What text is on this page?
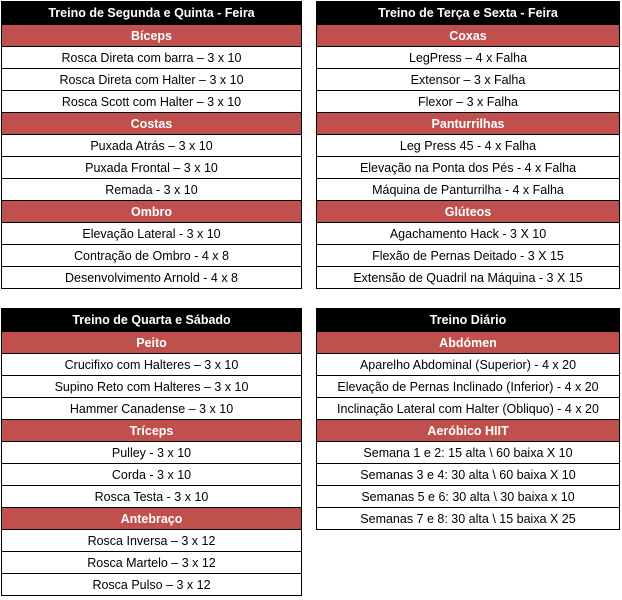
Treino de Segunda e Quinta - Feira
Bíceps
Rosca Direta com barra – 3 x 10
Rosca Direta com Halter – 3 x 10
Rosca Scott com Halter – 3 x 10
Costas
Puxada Atrás – 3 x 10
Puxada Frontal – 3 x 10
Remada - 3 x 10
Ombro
Elevação Lateral - 3 x 10
Contração de Ombro - 4 x 8
Desenvolvimento Arnold - 4 x 8
Treino de Terça e Sexta - Feira
Coxas
LegPress – 4 x Falha
Extensor – 3 x Falha
Flexor – 3 x Falha
Panturrilhas
Leg Press 45 - 4 x Falha
Elevação na Ponta dos Pés - 4 x Falha
Máquina de Panturrilha - 4 x Falha
Glúteos
Agachamento Hack - 3 X 10
Flexão de Pernas Deitado - 3 X 15
Extensão de Quadril na Máquina - 3 X 15
Treino de Quarta e Sábado
Peito
Crucifixo com Halteres – 3 x 10
Supino Reto com Halteres – 3 x 10
Hammer Canadense – 3 x 10
Tríceps
Pulley - 3 x 10
Corda - 3 x 10
Rosca Testa - 3 x 10
Antebraço
Rosca Inversa – 3 x 12
Rosca Martelo – 3 x 12
Rosca Pulso – 3 x 12
Treino Diário
Abdómen
Aparelho Abdominal (Superior) - 4 x 20
Elevação de Pernas Inclinado (Inferior) - 4 x 20
Inclinação Lateral com Halter (Obliquo) - 4 x 20
Aeróbico HIIT
Semana 1 e 2: 15 alta \ 60 baixa X 10
Semanas 3 e 4: 30 alta \ 60 baixa X 10
Semanas 5 e 6: 30 alta \ 30 baixa x 10
Semanas 7 e 8: 30 alta \ 15 baixa X 25
